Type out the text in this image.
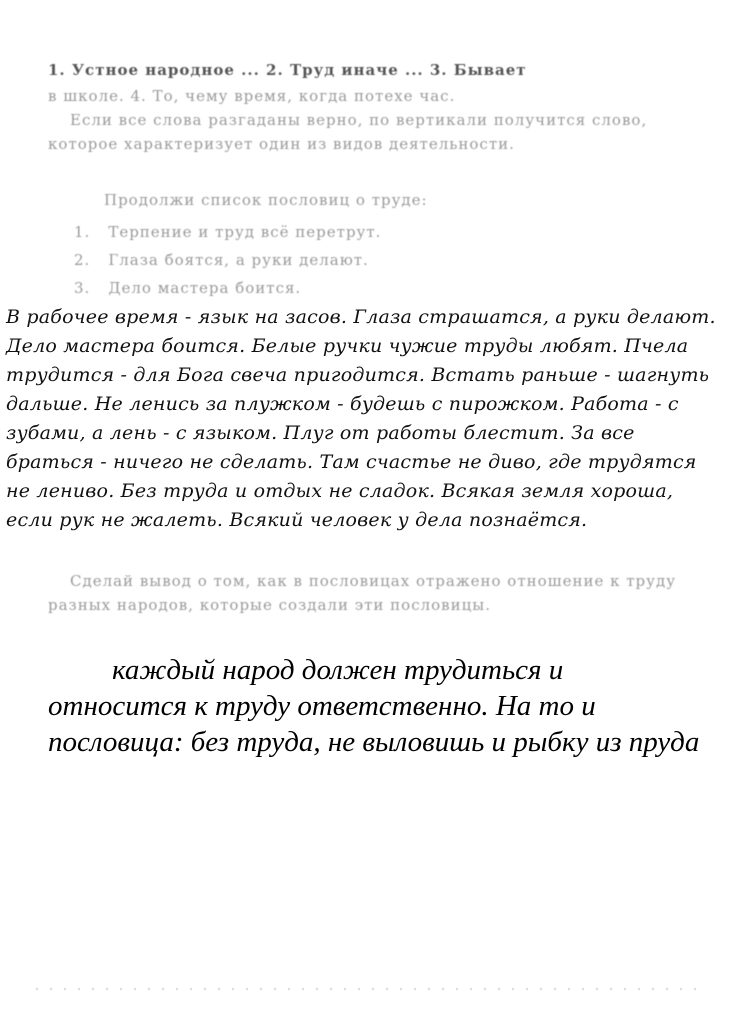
1. Устное народное ... 2. Труд иначе ... 3. Бывает
в школе. 4. То, чему время, когда потехе час.
Если все слова разгаданы верно, по вертикали получится слово, которое характеризует один из видов деятельности.
Продолжи список пословиц о труде:
1. Терпение и труд всё перетрут.
2. Глаза боятся, а руки делают.
3. Дело мастера боится.
В рабочее время - язык на засов. Глаза страшатся, а руки делают. Дело мастера боится. Белые ручки чужие труды любят. Пчела трудится - для Бога свеча пригодится. Встать раньше - шагнуть дальше. Не ленись за плужком - будешь с пирожком. Работа - с зубами, а лень - с языком. Плуг от работы блестит. За все браться - ничего не сделать. Там счастье не диво, где трудятся не лениво. Без труда и отдых не сладок. Всякая земля хороша, если рук не жалеть. Всякий человек у дела познаётся.
Сделай вывод о том, как в пословицах отражено отношение к труду разных народов, которые создали эти пословицы.
каждый народ должен трудиться и
относится к труду ответственно. На то и пословица: без труда, не выловишь и рыбку из пруда
